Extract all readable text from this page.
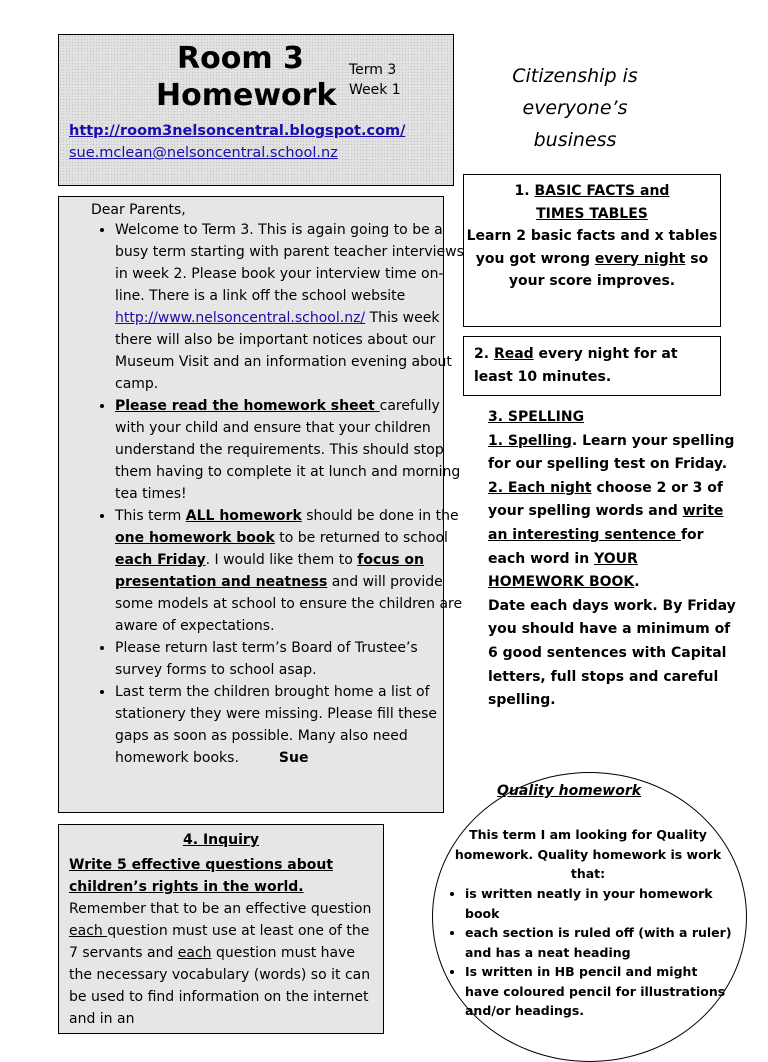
Room 3
Homework
Term 3
Week 1
http://room3nelsoncentral.blogspot.com/
sue.mclean@nelsoncentral.school.nz
Citizenship is
everyone’s
business
Dear Parents,
• Welcome to Term 3. This is again going to be a busy term starting with parent teacher interviews in week 2. Please book your interview time on-line. There is a link off the school website http://www.nelsoncentral.school.nz/ This week there will also be important notices about our Museum Visit and an information evening about camp.
• Please read the homework sheet carefully with your child and ensure that your children understand the requirements. This should stop them having to complete it at lunch and morning tea times!
• This term ALL homework should be done in the one homework book to be returned to school each Friday. I would like them to focus on presentation and neatness and will provide some models at school to ensure the children are aware of expectations.
• Please return last term’s Board of Trustee’s survey forms to school asap.
• Last term the children brought home a list of stationery they were missing. Please fill these gaps as soon as possible. Many also need homework books.	Sue
1. BASIC FACTS and
TIMES TABLES
Learn 2 basic facts and x tables you got wrong every night so your score improves.
2. Read every night for at least 10 minutes.
3. SPELLING
1. Spelling. Learn your spelling for our spelling test on Friday.
2. Each night choose 2 or 3 of your spelling words and write an interesting sentence for each word in YOUR HOMEWORK BOOK.
Date each days work. By Friday you should have a minimum of 6 good sentences with Capital letters, full stops and careful spelling.
Quality homework
This term I am looking for Quality homework. Quality homework is work that:
• is written neatly in your homework book
• each section is ruled off (with a ruler) and has a neat heading
• Is written in HB pencil and might have coloured pencil for illustrations and/or headings.
4. Inquiry
Write 5 effective questions about children’s rights in the world.
Remember that to be an effective question each question must use at least one of the 7 servants and each question must have the necessary vocabulary (words) so it can be used to find information on the internet and in an
